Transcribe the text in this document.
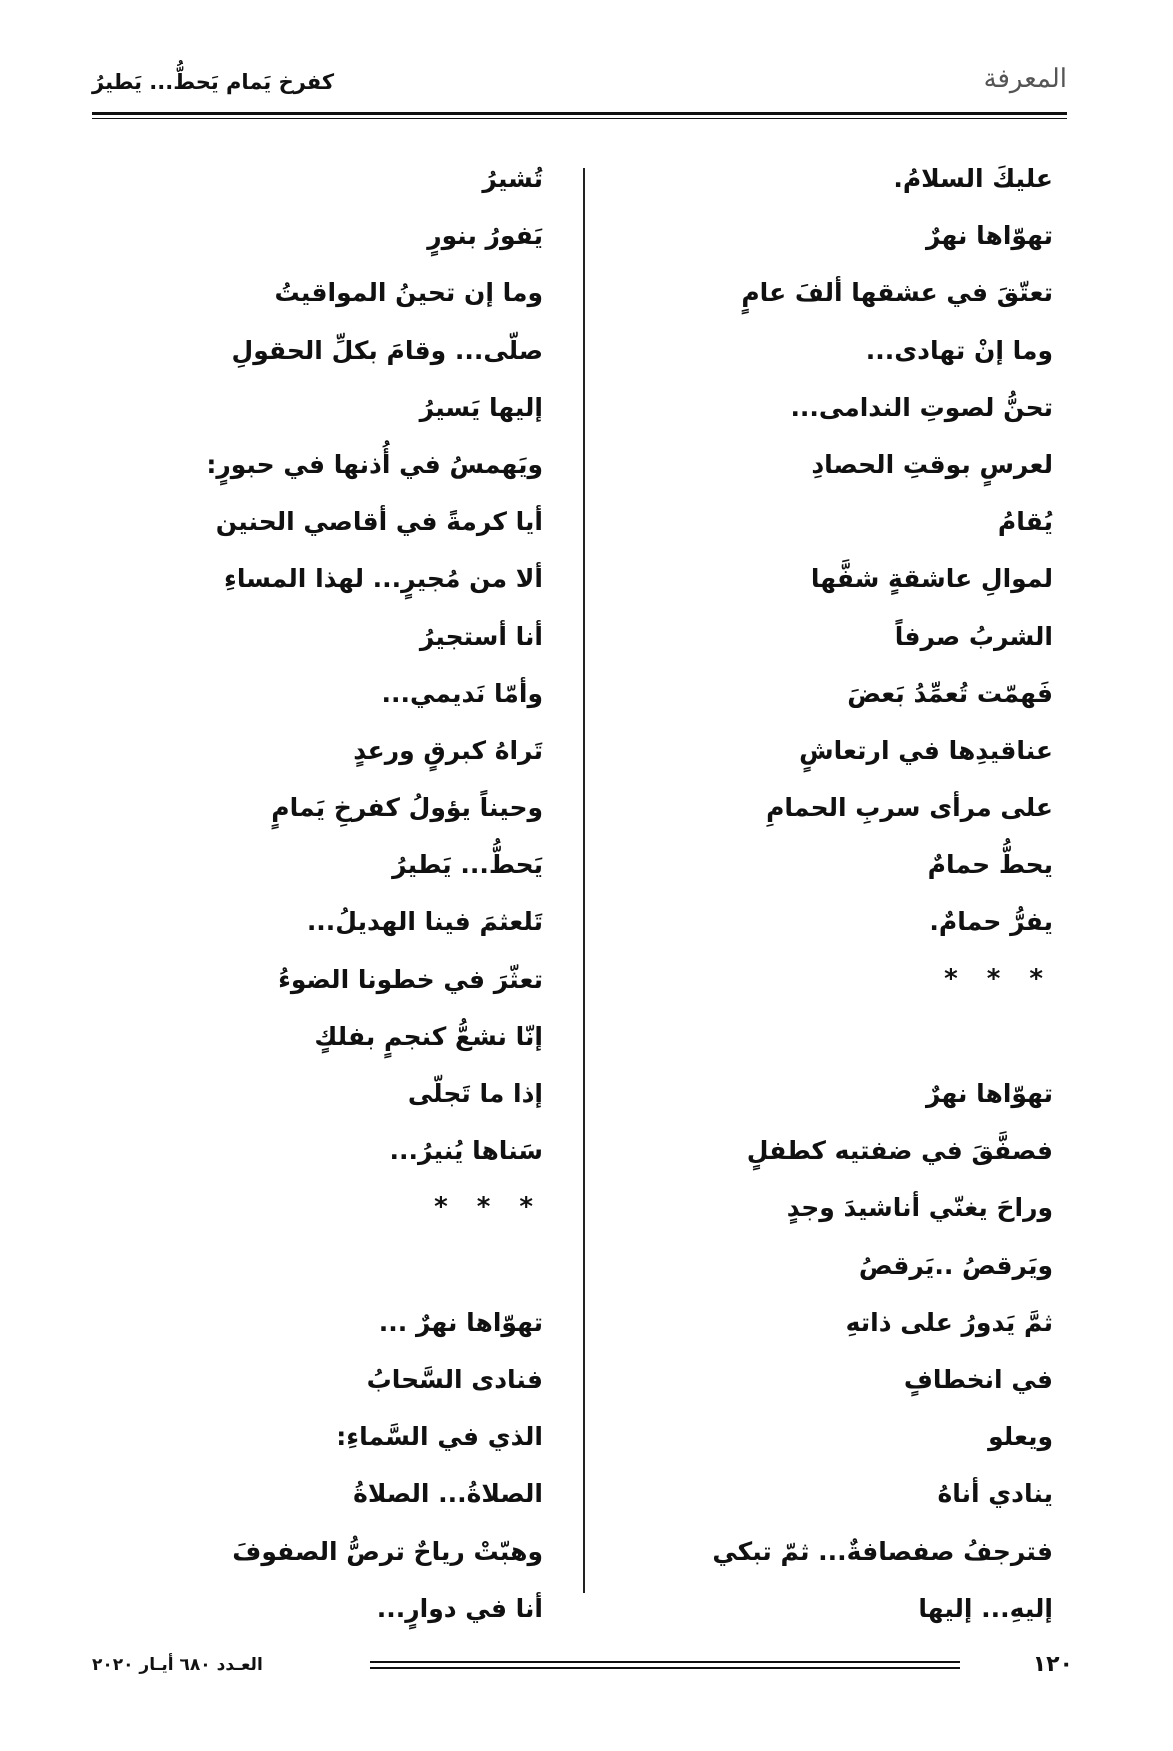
كفرخ يَمام يَحطُّ... يَطيرُ	المعرفة
عليكَ السلامُ.
تهوّاها نهرٌ
تعتّقَ في عشقها ألفَ عامٍ
وما إنْ تهادى...
تحنُّ لصوتِ الندامى...
لعرسٍ بوقتِ الحصادِ
يُقامُ
لموالِ عاشقةٍ شفَّها
الشربُ صرفاً
فَهمّت تُعمِّدُ بَعضَ
عناقيدِها في ارتعاشٍ
على مرأى سربِ الحمامِ
يحطُّ حمامٌ
يفرُّ حمامٌ.
* * *
تهوّاها نهرٌ
فصفَّقَ في ضفتيه كطفلٍ
وراحَ يغنّي أناشيدَ وجدٍ
ويَرقصُ ..يَرقصُ
ثمَّ يَدورُ على ذاتهِ
في انخطافٍ
ويعلو
ينادي أناهُ
فترجفُ صفصافةٌ... ثمّ تبكي
إليهِ... إليها
تُشيرُ
يَفورُ بنورٍ
وما إن تحينُ المواقيتُ
صلّى... وقامَ بكلِّ الحقولِ
إليها يَسيرُ
ويَهمسُ في أُذنها في حبورٍ:
أيا كرمةً في أقاصي الحنين
ألا من مُجيرٍ... لهذا المساءِ
أنا أستجيرُ
وأمّا نَديمي...
تَراهُ كبرقٍ ورعدٍ
وحيناً يؤولُ كفرخِ يَمامٍ
يَحطُّ... يَطيرُ
تَلعثمَ فينا الهديلُ...
تعثّرَ في خطونا الضوءُ
إنّا نشعُّ كنجمٍ بفلكٍ
إذا ما تَجلّى
سَناها يُنيرُ...
* * *
تهوّاها نهرٌ ...
فنادى السَّحابُ
الذي في السَّماءِ:
الصلاةُ... الصلاةُ
وهبّتْ رياحٌ ترصُّ الصفوفَ
أنا في دوارٍ...
١٢٠
العـدد ٦٨٠ أيـار ٢٠٢٠
